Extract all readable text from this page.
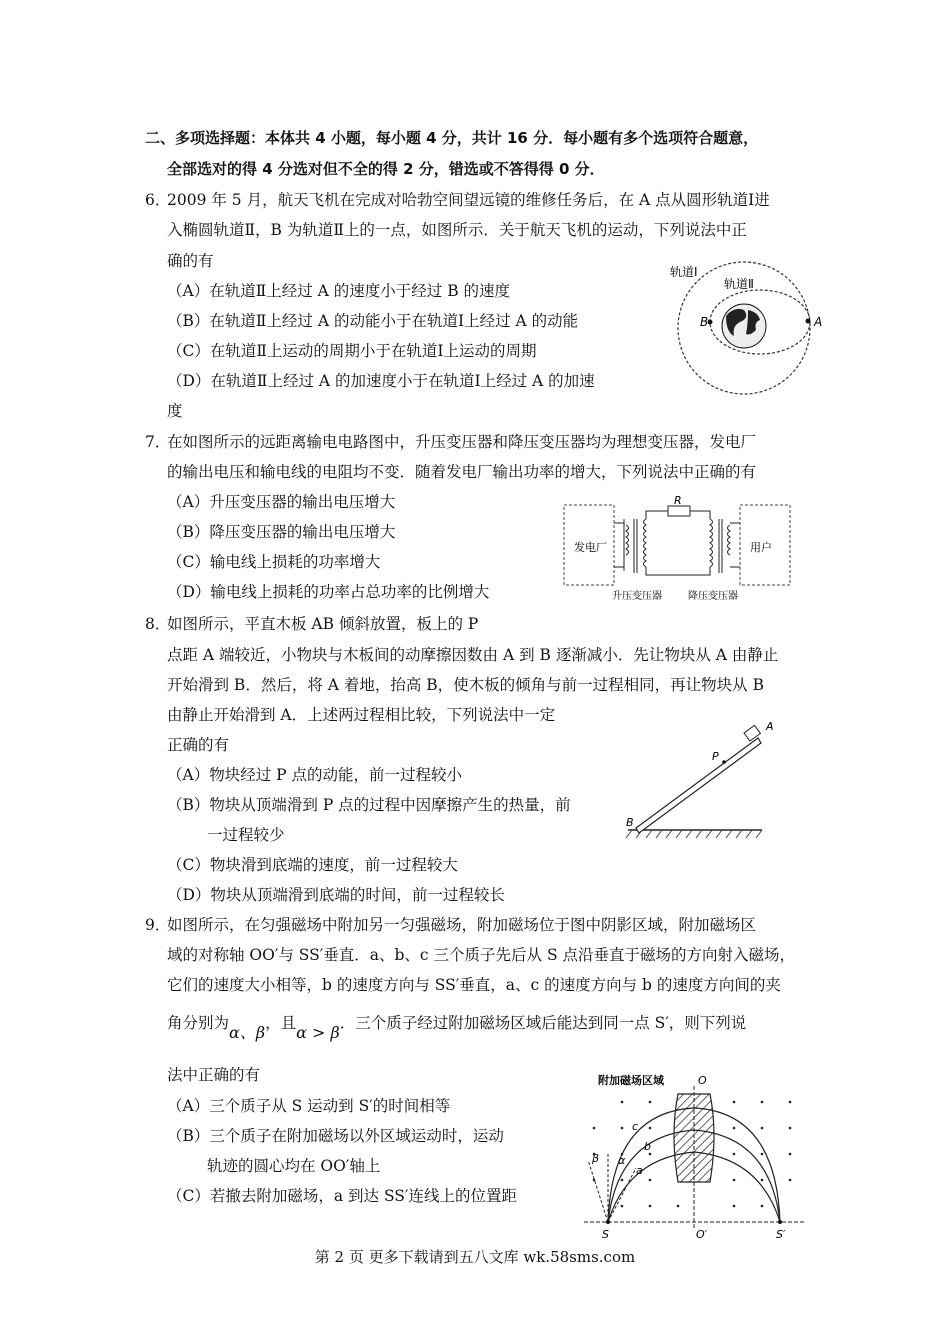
二、多项选择题：本体共 4 小题，每小题 4 分，共计 16 分．每小题有多个选项符合题意，
全部选对的得 4 分选对但不全的得 2 分，错选或不答得得 0 分．
6．
2009 年 5 月，航天飞机在完成对哈勃空间望远镜的维修任务后，在 A 点从圆形轨道Ⅰ进
入椭圆轨道Ⅱ，B 为轨道Ⅱ上的一点，如图所示．关于航天飞机的运动，下列说法中正
确的有
（A）在轨道Ⅱ上经过 A 的速度小于经过 B 的速度
（B）在轨道Ⅱ上经过 A 的动能小于在轨道Ⅰ上经过 A 的动能
（C）在轨道Ⅱ上运动的周期小于在轨道Ⅰ上运动的周期
（D）在轨道Ⅱ上经过 A 的加速度小于在轨道Ⅰ上经过 A 的加速
度
轨道Ⅰ
轨道Ⅱ
A
B
7．
在如图所示的远距离输电电路图中，升压变压器和降压变压器均为理想变压器，发电厂
的输出电压和输电线的电阻均不变．随着发电厂输出功率的增大，下列说法中正确的有
（A）升压变压器的输出电压增大
（B）降压变压器的输出电压增大
（C）输电线上损耗的功率增大
（D）输电线上损耗的功率占总功率的比例增大
R
发电厂	用户
升压变压器	降压变压器
8．
如图所示，平直木板 AB 倾斜放置，板上的 P
点距 A 端较近，小物块与木板间的动摩擦因数由 A 到 B 逐渐减小．先让物块从 A 由静止
开始滑到 B．然后，将 A 着地，抬高 B，使木板的倾角与前一过程相同，再让物块从 B
由静止开始滑到 A．上述两过程相比较，下列说法中一定
正确的有
（A）物块经过 P 点的动能，前一过程较小
（B）物块从顶端滑到 P 点的过程中因摩擦产生的热量，前
一过程较少
（C）物块滑到底端的速度，前一过程较大
（D）物块从顶端滑到底端的时间，前一过程较长
A
P
B
9．
如图所示，在匀强磁场中附加另一匀强磁场，附加磁场位于图中阴影区域，附加磁场区
域的对称轴 OO′与 SS′垂直．a、b、c 三个质子先后从 S 点沿垂直于磁场的方向射入磁场，
它们的速度大小相等，b 的速度方向与 SS′垂直，a、c 的速度方向与 b 的速度方向间的夹
角分别为α、β，且α > β．三个质子经过附加磁场区域后能达到同一点 S′，则下列说
法中正确的有
（A）三个质子从 S 运动到 S′的时间相等
（B）三个质子在附加磁场以外区域运动时，运动
轨迹的圆心均在 OO′轴上
（C）若撤去附加磁场，a 到达 SS′连线上的位置距
附加磁场区域	O
O′
S	S′
a
b
c
β α
第 2 页 更多下载请到五八文库 wk.58sms.com
